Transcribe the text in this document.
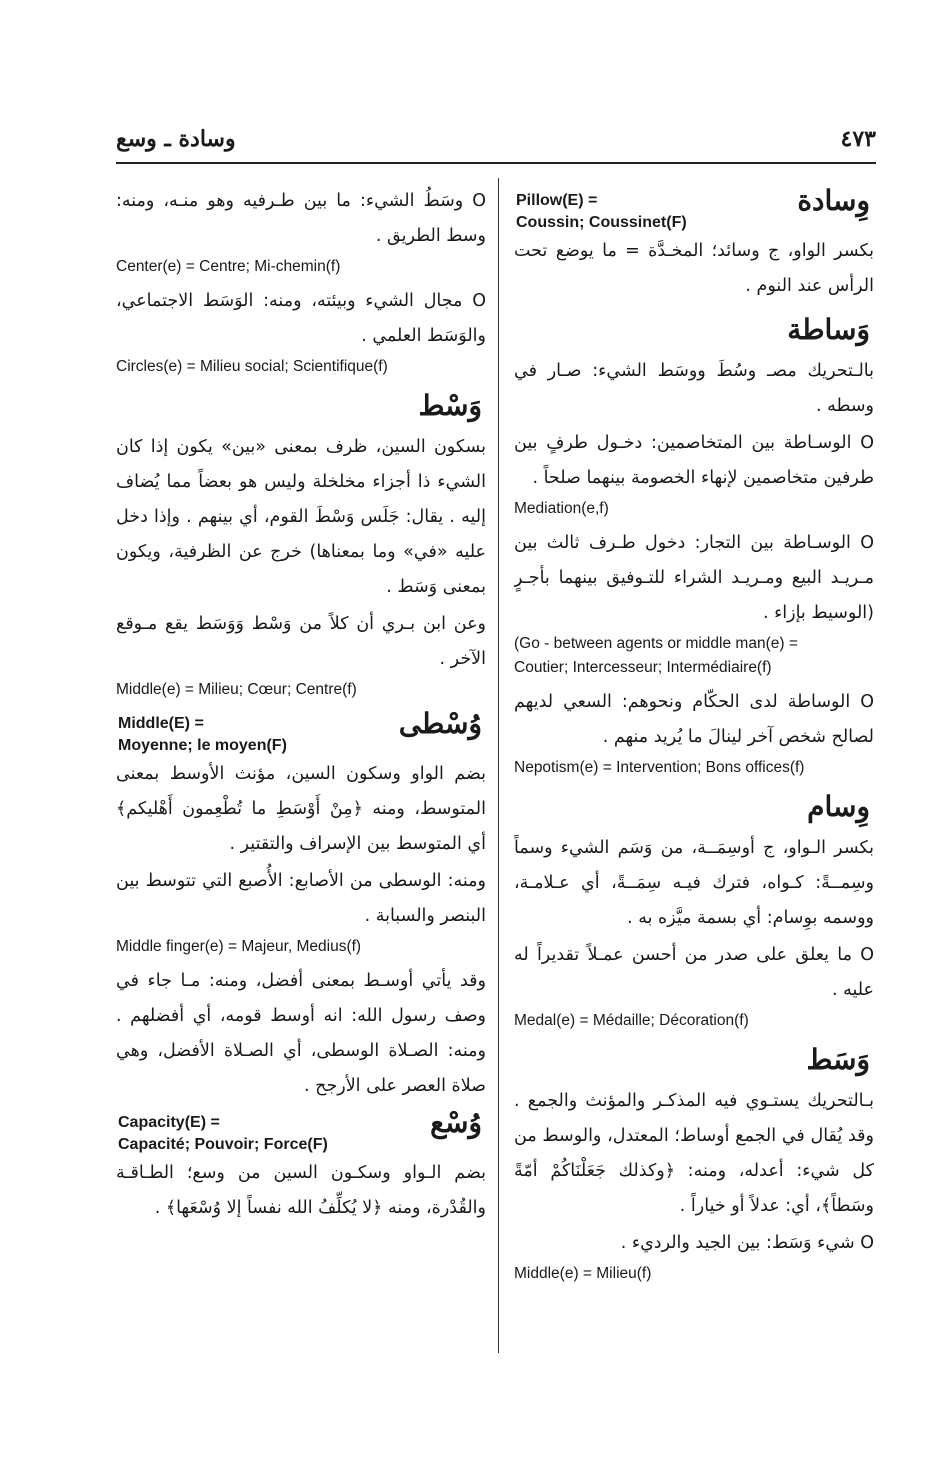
وسادة ـ وسع	٤٧٣
وِسادة
Pillow(E) =
Coussin; Coussinet(F)

بكسر الواو، ج وسائد؛ المخـدَّة = ما يوضع تحت الرأس عند النوم .

وَساطة

بالـتحريك مصـ وسُطَ ووسَط الشيء: صـار في وسطه .

O الوسـاطة بين المتخاصمين: دخـول طرفٍ بين طرفين متخاصمين لإنهاء الخصومة بينهما صلحاً .

Mediation(e,f)

O الوسـاطة بين التجار: دخول طـرف ثالث بين مـريـد البيع ومـريـد الشراء للتـوفيق بينهما بأجـرٍ (الوسيط بإزاء .

(Go - between agents or middle man(e) =

Coutier; Intercesseur; Intermédiaire(f)

O الوساطة لدى الحكّام ونحوهم: السعي لديهم لصالح شخص آخر لينالَ ما يُريد منهم .

Nepotism(e) = Intervention; Bons offices(f)

وِسام

بكسر الـواو، ج أوسِمَــة، من وَسَم الشيء وسماً وسِمــةً: كـواه، فترك فيـه سِمَــةً، أي عـلامـة، ووسمه بوِسام: أي بسمة ميَّزه به .

O ما يعلق على صدر من أحسن عمـلاً تقديراً له عليه .

Medal(e) = Médaille; Décoration(f)

وَسَط

بـالتحريك يستـوي فيه المذكـر والمؤنث والجمع . وقد يُقال في الجمع أوساط؛ المعتدل، والوسط من كل شيء: أعدله، ومنه: ﴿وكذلك جَعَلْنَاكُمْ أمّةً وسَطاً﴾، أي: عدلاً أو خياراً .

O شيء وَسَط: بين الجيد والرديء .

Middle(e) = Milieu(f)

O وسَطُ الشيء: ما بين طـرفيه وهو منـه، ومنه: وسط الطريق .

Center(e) = Centre; Mi-chemin(f)

O مجال الشيء وبيئته، ومنه: الوَسَط الاجتماعي، والوَسَط العلمي .

Circles(e) = Milieu social; Scientifique(f)

وَسْط

بسكون السين، ظرف بمعنى «بين» يكون إذا كان الشيء ذا أجزاء مخلخلة وليس هو بعضاً مما يُضاف إليه . يقال: جَلَس وَسْطَ القوم، أي بينهم . وإذا دخل عليه «في» وما بمعناها) خرج عن الظرفية، ويكون بمعنى وَسَط .

وعن ابن بـري أن كلاً من وَسْط وَوَسَط يقع مـوقع الآخر .

Middle(e) = Milieu; Cœur; Centre(f)

وُسْطى
Middle(E) =
Moyenne; le moyen(F)

بضم الواو وسكون السين، مؤنث الأوسط بمعنى المتوسط، ومنه ﴿مِنْ أَوْسَطِ ما تُطْعِمون أَهْليكم﴾ أي المتوسط بين الإسراف والتقتير .

ومنه: الوسطى من الأصابع: الأُصبع التي تتوسط بين البنصر والسبابة .

Middle finger(e) = Majeur, Medius(f)

وقد يأتي أوسـط بمعنى أفضل، ومنه: مـا جاء في وصف رسول الله: انه أوسط قومه، أي أفضلهم . ومنه: الصـلاة الوسطى، أي الصـلاة الأفضل، وهي صلاة العصر على الأرجح .

وُسْع
Capacity(E) =
Capacité; Pouvoir; Force(F)

بضم الـواو وسكـون السين من وسع؛ الطـاقـة والقُدْرة، ومنه ﴿لا يُكلِّفُ الله نفساً إلا وُسْعَها﴾ .
